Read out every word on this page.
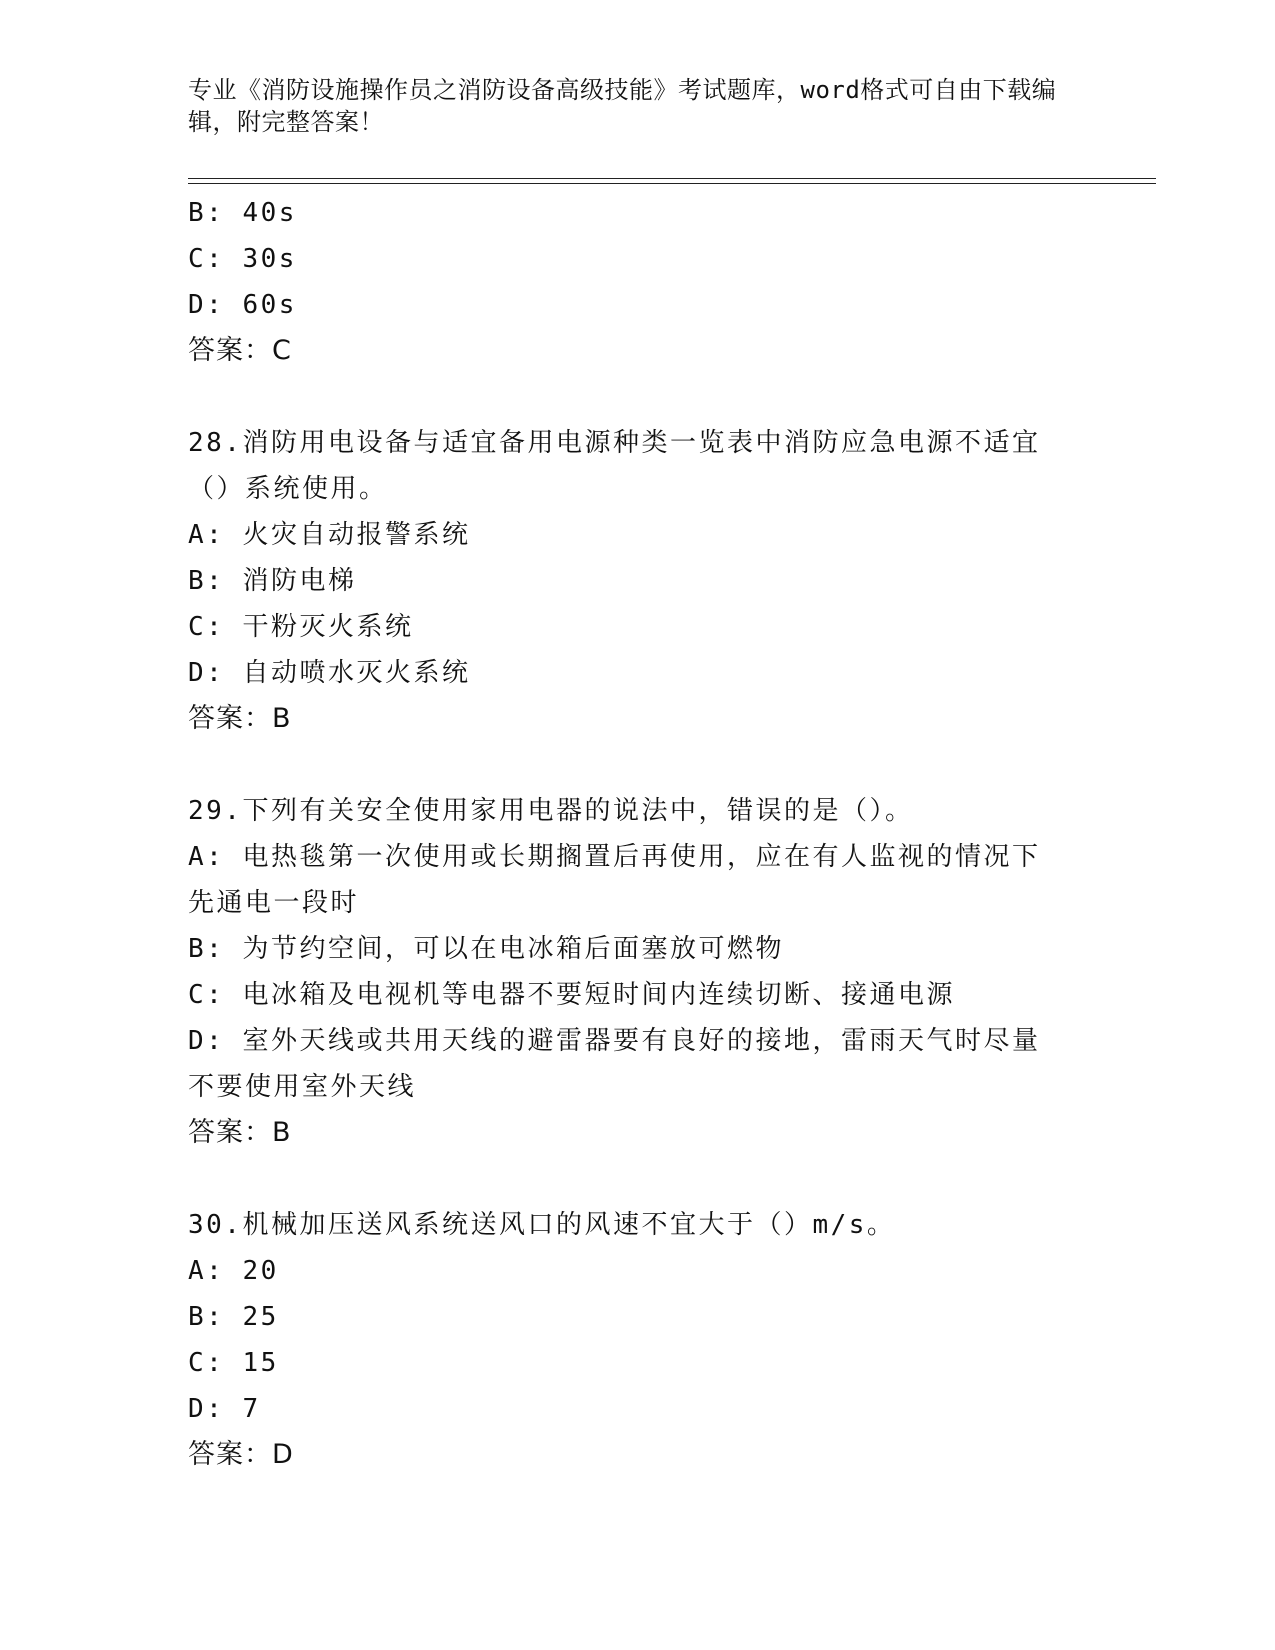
专业《消防设施操作员之消防设备高级技能》考试题库，word格式可自由下载编辑，附完整答案！
B: 40s
C: 30s
D: 60s
答案：C
28.消防用电设备与适宜备用电源种类一览表中消防应急电源不适宜（）系统使用。
A: 火灾自动报警系统
B: 消防电梯
C: 干粉灭火系统
D: 自动喷水灭火系统
答案：B
29.下列有关安全使用家用电器的说法中，错误的是（）。
A: 电热毯第一次使用或长期搁置后再使用，应在有人监视的情况下先通电一段时
B: 为节约空间，可以在电冰箱后面塞放可燃物
C: 电冰箱及电视机等电器不要短时间内连续切断、接通电源
D: 室外天线或共用天线的避雷器要有良好的接地，雷雨天气时尽量不要使用室外天线
答案：B
30.机械加压送风系统送风口的风速不宜大于（）m/s。
A: 20
B: 25
C: 15
D: 7
答案：D
